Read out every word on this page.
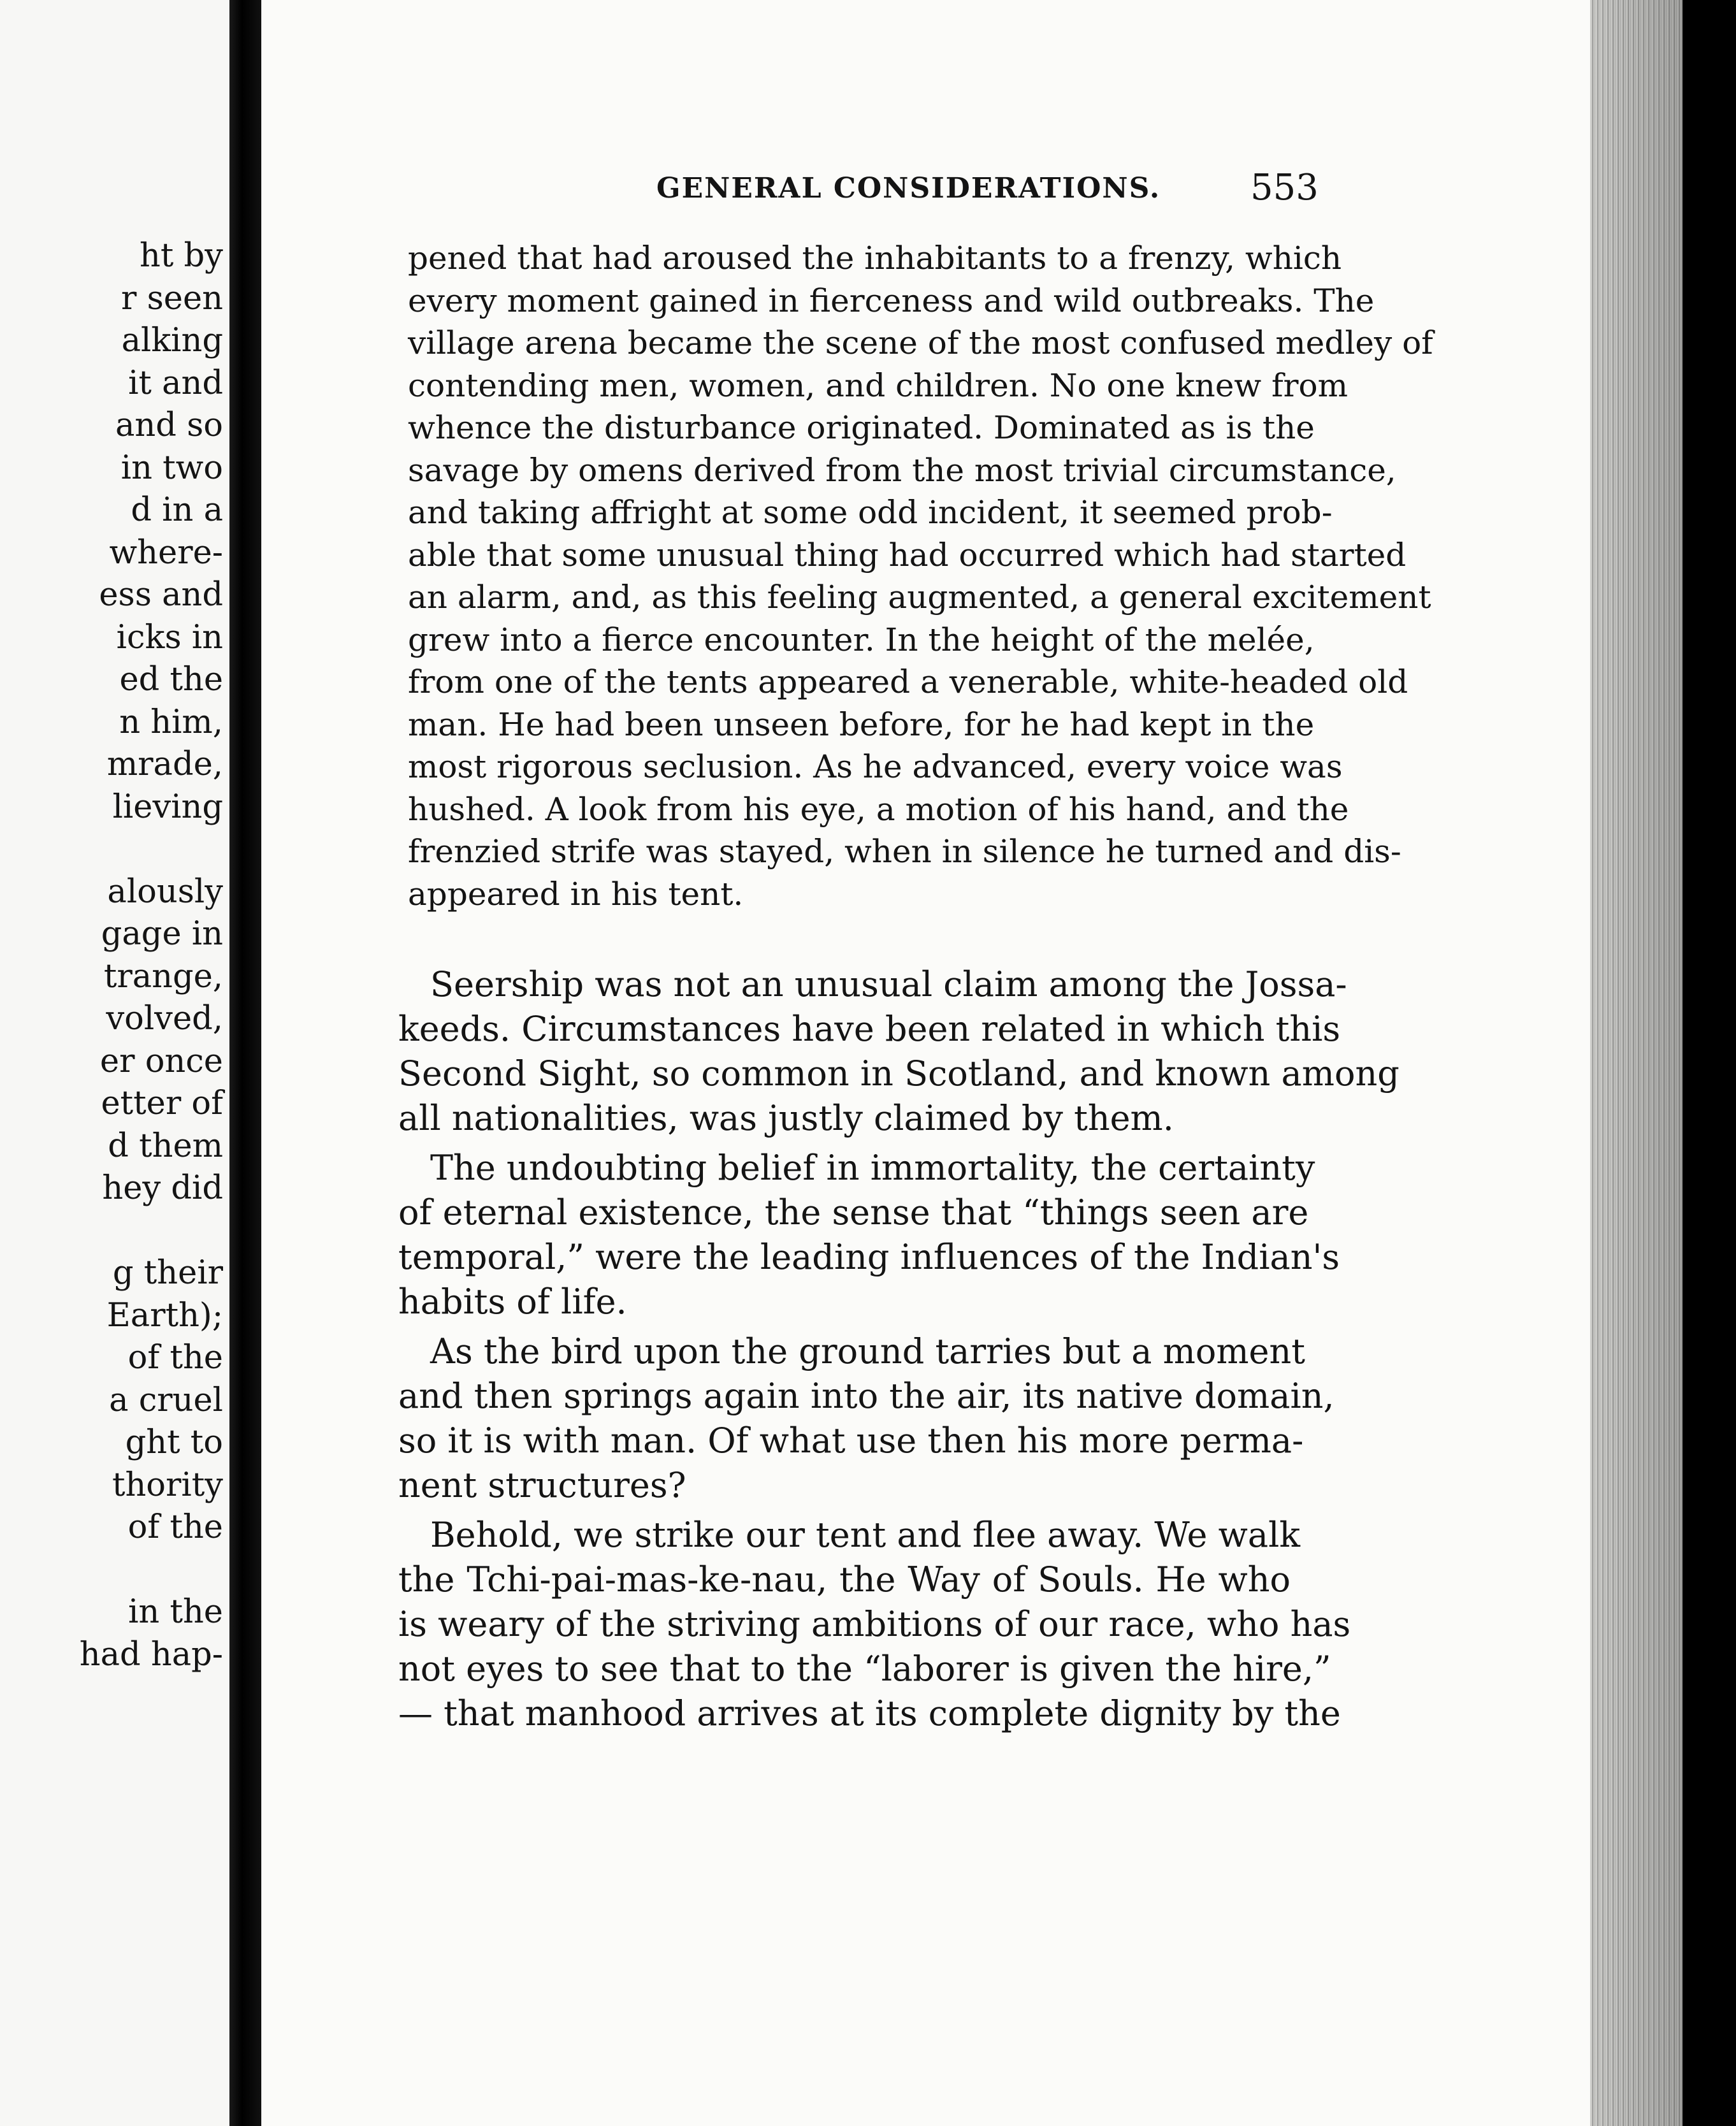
ht by
r seen
alking
it and
and so
in two
d in a
where-
ess and
icks in
ed the
n him,
mrade,
lieving
alously
gage in
trange,
volved,
er once
etter of
d them
hey did
g their
Earth);
of the
a cruel
ght to
thority
of the
in the
had hap-
GENERAL CONSIDERATIONS.	553
pened that had aroused the inhabitants to a frenzy, which
every moment gained in fierceness and wild outbreaks. The
village arena became the scene of the most confused medley of
contending men, women, and children. No one knew from
whence the disturbance originated. Dominated as is the
savage by omens derived from the most trivial circumstance,
and taking affright at some odd incident, it seemed prob-
able that some unusual thing had occurred which had started
an alarm, and, as this feeling augmented, a general excitement
grew into a fierce encounter. In the height of the melée,
from one of the tents appeared a venerable, white-headed old
man. He had been unseen before, for he had kept in the
most rigorous seclusion. As he advanced, every voice was
hushed. A look from his eye, a motion of his hand, and the
frenzied strife was stayed, when in silence he turned and dis-
appeared in his tent.
Seership was not an unusual claim among the Jossa-
keeds. Circumstances have been related in which this
Second Sight, so common in Scotland, and known among
all nationalities, was justly claimed by them.
The undoubting belief in immortality, the certainty
of eternal existence, the sense that “things seen are
temporal,” were the leading influences of the Indian's
habits of life.
As the bird upon the ground tarries but a moment
and then springs again into the air, its native domain,
so it is with man. Of what use then his more perma-
nent structures?
Behold, we strike our tent and flee away. We walk
the Tchi-pai-mas-ke-nau, the Way of Souls. He who
is weary of the striving ambitions of our race, who has
not eyes to see that to the “laborer is given the hire,”
— that manhood arrives at its complete dignity by the
